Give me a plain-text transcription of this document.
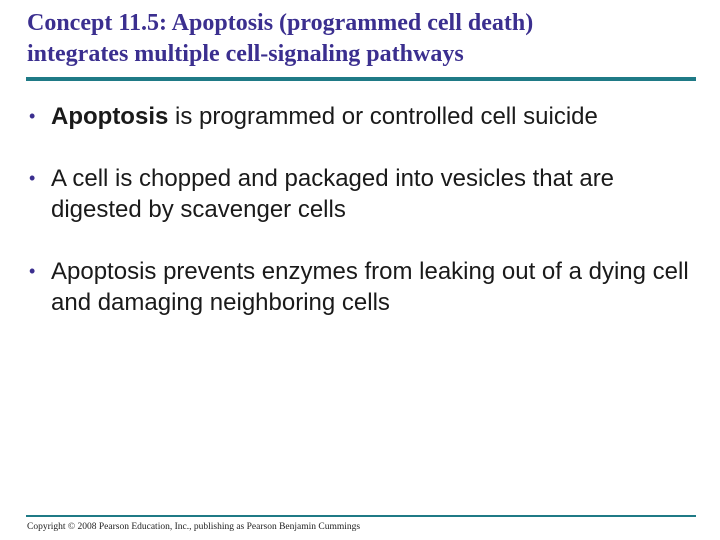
Concept 11.5: Apoptosis (programmed cell death)
integrates multiple cell-signaling pathways
• Apoptosis is programmed or controlled cell suicide
• A cell is chopped and packaged into vesicles that are digested by scavenger cells
• Apoptosis prevents enzymes from leaking out of a dying cell and damaging neighboring cells
Copyright © 2008 Pearson Education, Inc., publishing as Pearson Benjamin Cummings
